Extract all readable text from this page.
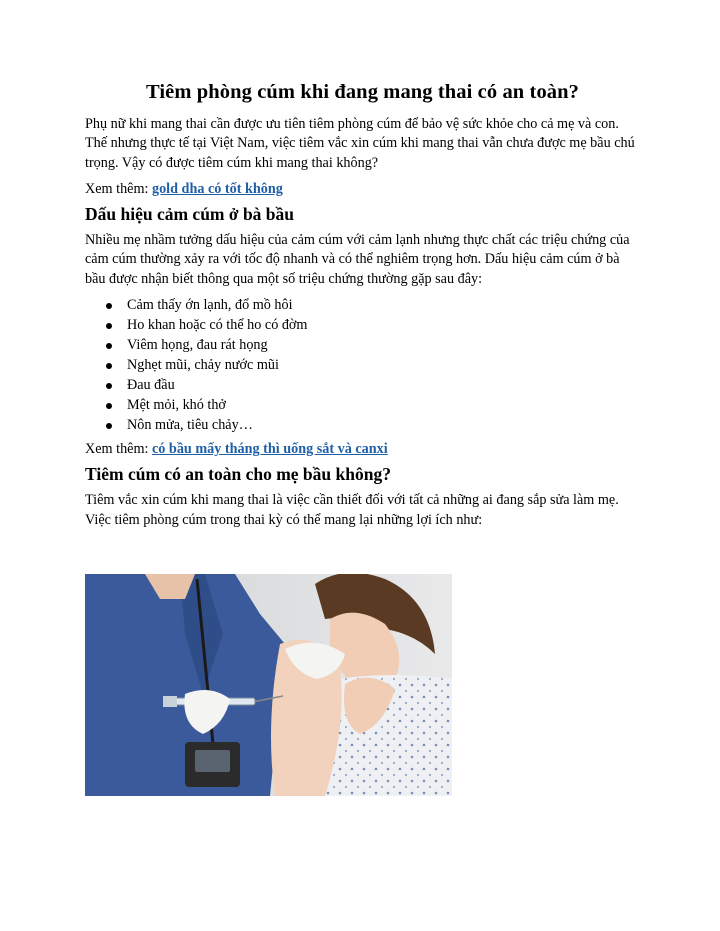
Tiêm phòng cúm khi đang mang thai có an toàn?

Phụ nữ khi mang thai cần được ưu tiên tiêm phòng cúm để bảo vệ sức khỏe cho cả mẹ và con. Thế nhưng thực tế tại Việt Nam, việc tiêm vắc xin cúm khi mang thai vẫn chưa được mẹ bầu chú trọng. Vậy có được tiêm cúm khi mang thai không?

Xem thêm: gold dha có tốt không

Dấu hiệu cảm cúm ở bà bầu

Nhiều mẹ nhầm tưởng dấu hiệu của cảm cúm với cảm lạnh nhưng thực chất các triệu chứng của cảm cúm thường xảy ra với tốc độ nhanh và có thể nghiêm trọng hơn. Dấu hiệu cảm cúm ở bà bầu được nhận biết thông qua một số triệu chứng thường gặp sau đây:

Cảm thấy ớn lạnh, đổ mồ hôi
Ho khan hoặc có thể ho có đờm
Viêm họng, đau rát họng
Nghẹt mũi, chảy nước mũi
Đau đầu
Mệt mỏi, khó thở
Nôn mửa, tiêu chảy…

Xem thêm: có bầu mấy tháng thì uống sắt và canxi

Tiêm cúm có an toàn cho mẹ bầu không?

Tiêm vắc xin cúm khi mang thai là việc cần thiết đối với tất cả những ai đang sắp sửa làm mẹ. Việc tiêm phòng cúm trong thai kỳ có thể mang lại những lợi ích như:
